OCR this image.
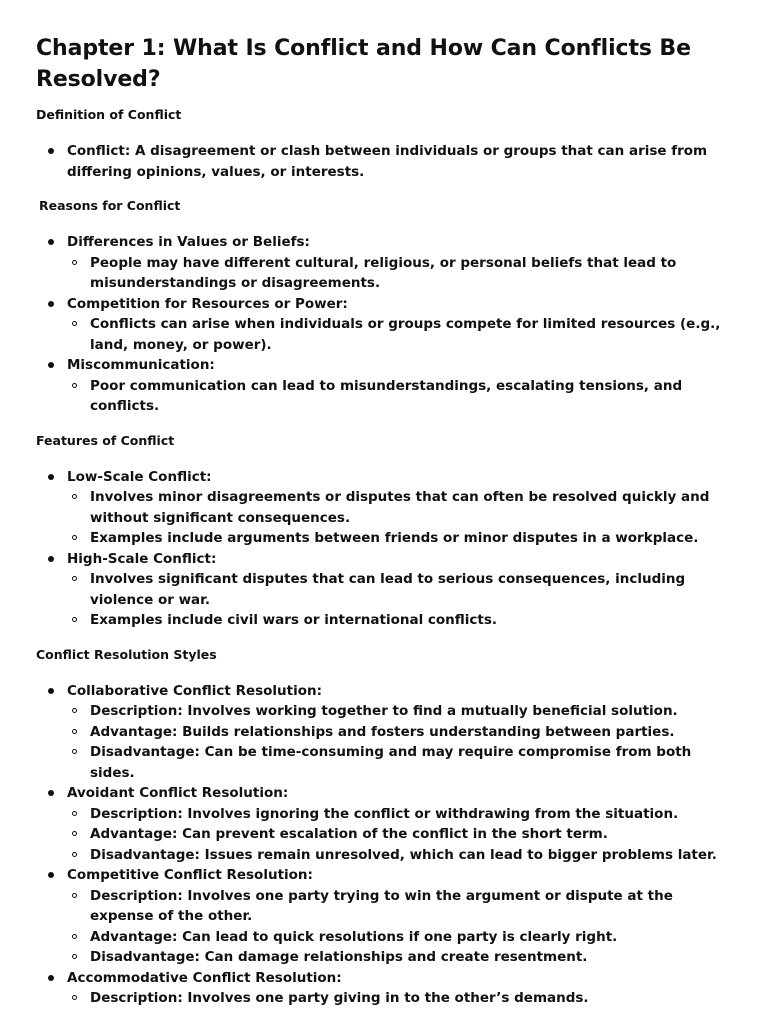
Chapter 1: What Is Conflict and How Can Conflicts Be Resolved?
Definition of Conflict
Conflict: A disagreement or clash between individuals or groups that can arise from differing opinions, values, or interests.
Reasons for Conflict
Differences in Values or Beliefs:
People may have different cultural, religious, or personal beliefs that lead to misunderstandings or disagreements.
Competition for Resources or Power:
Conflicts can arise when individuals or groups compete for limited resources (e.g., land, money, or power).
Miscommunication:
Poor communication can lead to misunderstandings, escalating tensions, and conflicts.
Features of Conflict
Low-Scale Conflict:
Involves minor disagreements or disputes that can often be resolved quickly and without significant consequences.
Examples include arguments between friends or minor disputes in a workplace.
High-Scale Conflict:
Involves significant disputes that can lead to serious consequences, including violence or war.
Examples include civil wars or international conflicts.
Conflict Resolution Styles
Collaborative Conflict Resolution:
Description: Involves working together to find a mutually beneficial solution.
Advantage: Builds relationships and fosters understanding between parties.
Disadvantage: Can be time-consuming and may require compromise from both sides.
Avoidant Conflict Resolution:
Description: Involves ignoring the conflict or withdrawing from the situation.
Advantage: Can prevent escalation of the conflict in the short term.
Disadvantage: Issues remain unresolved, which can lead to bigger problems later.
Competitive Conflict Resolution:
Description: Involves one party trying to win the argument or dispute at the expense of the other.
Advantage: Can lead to quick resolutions if one party is clearly right.
Disadvantage: Can damage relationships and create resentment.
Accommodative Conflict Resolution:
Description: Involves one party giving in to the other’s demands.
